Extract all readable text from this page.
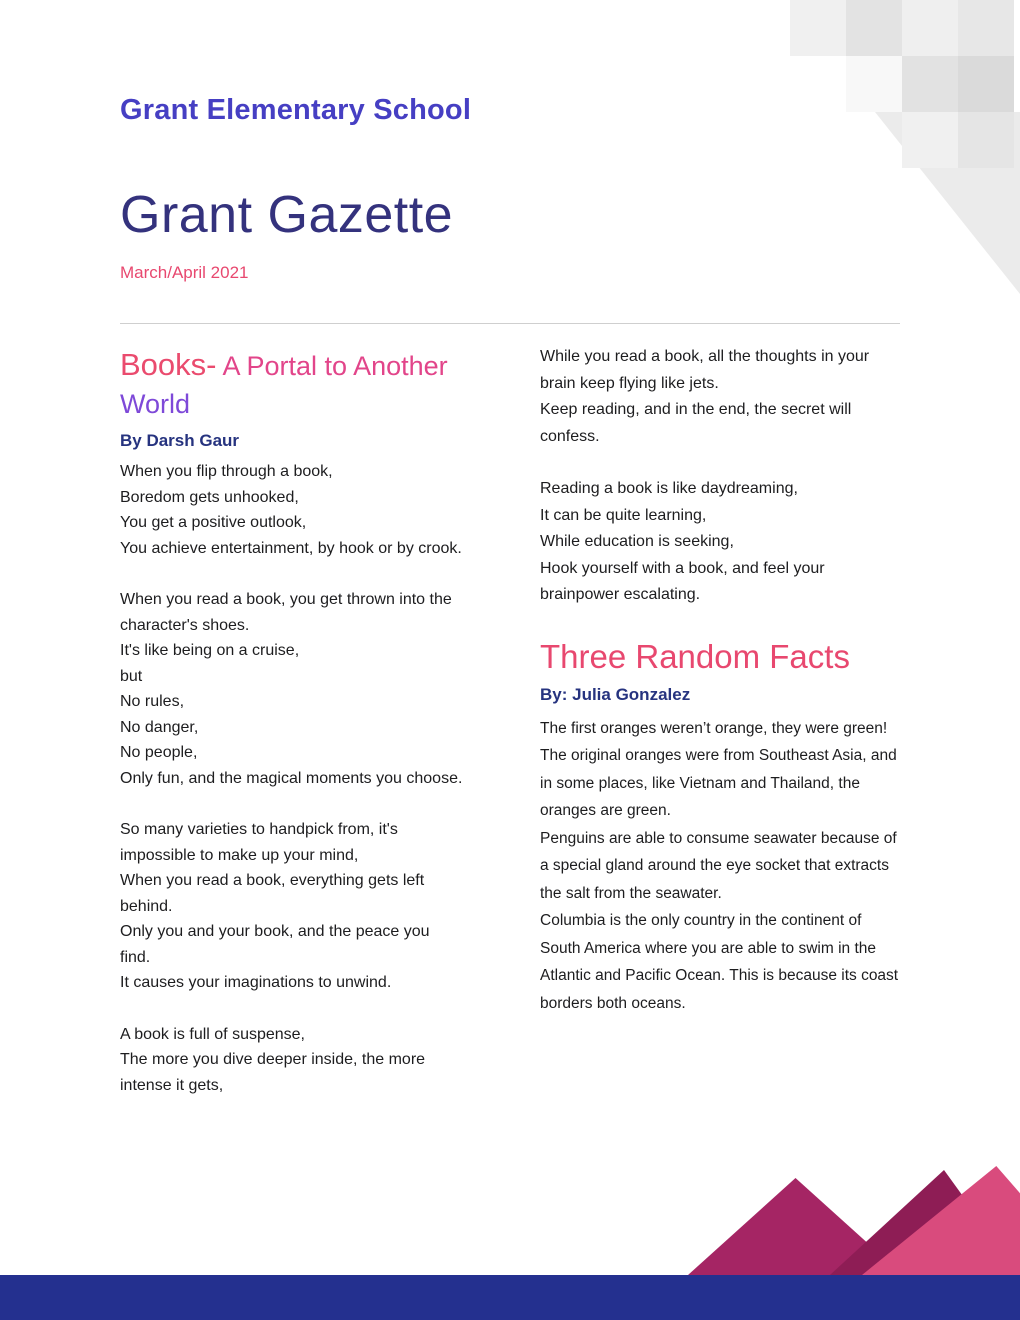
Grant Elementary School
Grant Gazette
March/April 2021
Books- A Portal to Another World
By Darsh Gaur
When you flip through a book,
Boredom gets unhooked,
You get a positive outlook,
You achieve entertainment, by hook or by crook.
When you read a book, you get thrown into the character's shoes.
It's like being on a cruise,
but
No rules,
No danger,
No people,
Only fun, and the magical moments you choose.
So many varieties to handpick from, it's impossible to make up your mind,
When you read a book, everything gets left behind.
Only you and your book, and the peace you find.
It causes your imaginations to unwind.
A book is full of suspense,
The more you dive deeper inside, the more intense it gets,
While you read a book, all the thoughts in your brain keep flying like jets.
Keep reading, and in the end, the secret will confess.
Reading a book is like daydreaming,
It can be quite learning,
While education is seeking,
Hook yourself with a book, and feel your brainpower escalating.
Three Random Facts
By: Julia Gonzalez
The first oranges weren’t orange, they were green! The original oranges were from Southeast Asia, and in some places, like Vietnam and Thailand, the oranges are green.
Penguins are able to consume seawater because of a special gland around the eye socket that extracts the salt from the seawater.
Columbia is the only country in the continent of South America where you are able to swim in the Atlantic and Pacific Ocean. This is because its coast borders both oceans.
